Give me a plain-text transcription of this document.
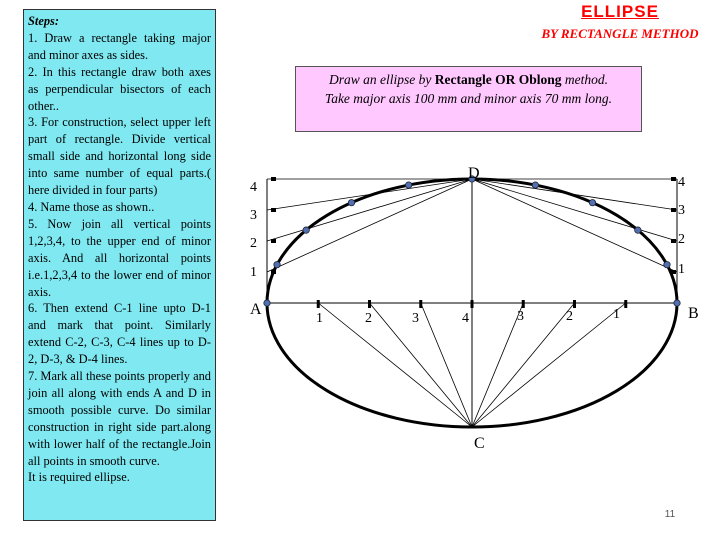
Steps:

1. Draw a rectangle taking major and minor axes as sides.

2. In this rectangle draw both axes as perpendicular bisectors of each other..

3. For construction, select upper left part of rectangle. Divide vertical small side and horizontal long side into same number of equal parts.( here divided in four parts)

4. Name those as shown..

5. Now join all vertical points 1,2,3,4, to the upper end of minor axis. And all horizontal points i.e.1,2,3,4 to the lower end of minor axis.

6. Then extend C-1 line upto D-1 and mark that point. Similarly extend C-2, C-3, C-4 lines up to D-2, D-3, & D-4 lines.

7. Mark all these points properly and join all along with ends A and D in smooth possible curve. Do similar construction in right side part.along with lower half of the rectangle.Join all points in smooth curve.

It is required ellipse.

ELLIPSE
BY RECTANGLE METHOD
Draw an ellipse by Rectangle OR Oblong method.
Take major axis 100 mm and minor axis 70 mm long.
D
C
A	B
4
3
2
1
4
3
2
1
1	2	3	4	3	2	1
11
